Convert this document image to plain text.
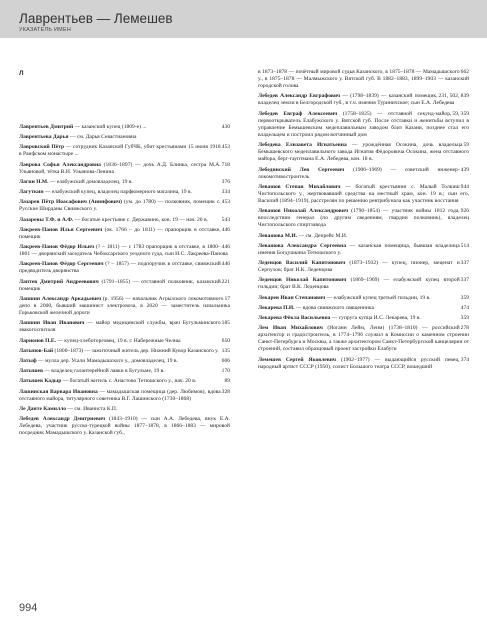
Лаврентьев — Лемешев
УКАЗАТЕЛЬ ИМЕН
Л
430
Лаврентьев Дмитрий — казанский купец (1809-е) ...
Лаврентьева Дарья — см. Дарья Севастиановна
453
Лавровский Пётр — сотрудник Казанской ГубЧК, убит крестьянами 15 июня 1918 в Раифском монастыре ...
718
Лаврова Софья Александровна (1836–1897) — дочь А.Д. Блинка, сестра М.А. Ульяновой, тётка В.И. Ульянова-Ленина
376
Лагин Н.М. — елабужский домовладелец, 19 в.
334
Лагуткин — елабужский купец, владелец парфюмерного магазина, 19 в.
453
Лазарев Пётр Иоасафович (Анинфович) (ум. до 1780) — полковник, помещик с. Русские Ширданы Свияжского у.
543
Лазаревы Т.Ф. и А.Ф. — богатые крестьяне с. Державино, кон. 19 — нач. 20 в.
446
Лакреев-Панов Илья Сергеевич (ок. 1766 – до 1811) — прапорщик в отставке, помещик
446
Лакреев-Панов Фёдор Ильич (? – 1811) — с 1783 прапорщик в отставке, в 1800–1801 — дворянский заседатель Чебоксарского уездного суда, сын И.С. Лакреева-Панова
446
Лакреев-Панов Фёдор Сергеевич (? – 1857) — подпоручик в отставке, свияжский предводитель дворянства
221
Лаптев Дмитрий Андреевович (1791–1855) — отставной полковник, казанский помещик
17
Лапшин Александр Аркадьевич (р. 1956) — начальник Агрызского локомотивного депо в 2000, бывший машинист электровоза, в 2020 — заместитель начальника Горьковской железной дороги
185
Лапшин Иван Иванович — майор медицинской службы, врач Бугульминского эвакогоспиталя
650
Ларионов П.Е. — купец-хлеботорговец, 19 в. г. Набережные Челны
135
Латыпов-Бай (1800–1873) — зажиточный житель дер. Нижний Кукор Казанского у.
606
Латыф — мулла дер. Усали Мамадышского у., домовладелец, 19 в.
170
Латышев — владелец галантерейной лавки в Бугульме, 19 в.
89
Латышев Кадыр — богатый житель с. Анастово Тетюшского у., нач. 20 в.
328
Лашинская Варвара Ивановна — мамадышская помещица (дер. Любимов), вдова отставного майора, титулярного советника В.Г. Лашинского (1730–1868)
Ле Данте Камилло — см. Иваниста К.П.
Лебедев Александр Дмитриевич (1843–1910) — сын А.А. Лебедева, внук Е.А. Лебедева, участник русско-турецкой войны 1877–1878, в 1866–1883 — мировой посредник Мамадышского у. Казанской губ.,
662
в 1873–1878 — почётный мировой судья Казанского, в 1875–1878 — Мамадышского у., в 1875–1878 — Малмыжского у. Вятской губ. В 1882–1883, 1899–1903 — казанский городской голова
231, 502, 839
Лебедев Александр Евграфович — (1798–1839) — казанский помещик, владелец земли в Белгородской губ., в т.ч. имения Туриничское; сын Е.А. Лебедева
59, 359
Лебедев Евграф Алексеевич (1758–1825) — отставной секунд-майор, первооткрыватель Елабужского у. Вятской губ. После отставки и женитьбы вступил в управление Бемышевским медеплавильным заводом близ Казани, позднее стал его владельцем и построил рядом вотчинный дом
59
Лебедева Елизавета Игнатьевна — урождённая Осокина, дочь владельца Бемышевского медеплавильного завода Игнатия Фёдоровича Осокина, жена отставного майора, берг-гауптмана Е.А. Лебедева, кон. 18 в.
439
Лебединский Лев Сергеевич (1906–1969) — советский инженер-локомотивостроитель
944
Левашов Степан Михайлович — богатый крестьянин с. Малый Толкиш Чистопольского у., жертвовавший средства на местный храм, кон. 19 в.; сын его, Василий (1894–1919), расстрелян по решению ревтрибунала как участник восстания
926
Левашов Николай Александрович (1790–1854) — участник войны 1812 года, впоследствии генерал (по другим сведениям, гвардии полковник), владелец Чистопольского спиртзавода
Левашова М.И. — см. Депрейс М.И.
514
Левашова Александра Сергеевна — казанская помещица, бывшая владелица имения Богдушкина Тетюшского у.
337
Леденцов Василий Капитонович (1873–1932) — купец, пионер, меценат и Серпухов; брат Н.К. Леденцова
337
Леденцов Николай Капитонович (1869–1969) — елабужский купец второй гильдии; брат В.К. Леденцова
359
Лекарев Иван Степанович — елабужский купец третьей гильдии, 19 в.
474
Лекарева П.И. — вдова свияжского священника
359
Лекарева Фёкла Васильевна — супруга купца И.С. Лекарева, 19 в.
278
Лем Иван Михайлович (Иоганн Лейм, Леим) (1738–1810) — российский архитектор и градостроитель, в 1774–1796 служил в Комиссии о каменном строении Санкт-Петербурга и Москвы, а также архитектором Санкт-Петербургской канцелярии от строений, составил образцовый проект застройки Елабуги
374
Лемешев Сергей Яковлевич (1902–1977) — выдающийся русский певец, народный артист СССР (1950), солист Большого театра СССР, вошедший
994
